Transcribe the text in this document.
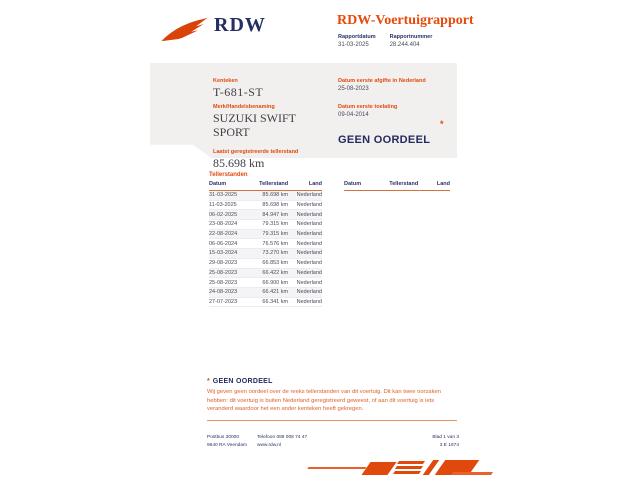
RDW	RDW-Voertuigrapport
Rapportdatum
31-03-2025
Rapportnummer
28.244.404
Kenteken
T-681-ST
Merk/Handelsbenaming
SUZUKI SWIFT SPORT
Laatst geregistreerde tellerstand
85.698 km
Datum eerste afgifte in Nederland
25-08-2023
Datum eerste toelating
09-04-2014
GEEN OORDEEL
*
Tellerstanden
Datum	Tellerstand	Land
31-03-2025	85.698 km	Nederland
11-03-2025	85.698 km	Nederland
06-02-2025	84.947 km	Nederland
23-08-2024	79.315 km	Nederland
22-08-2024	79.315 km	Nederland
06-06-2024	76.576 km	Nederland
15-03-2024	73.270 km	Nederland
29-08-2023	66.853 km	Nederland
25-08-2023	66.422 km	Nederland
25-08-2023	66.900 km	Nederland
24-08-2023	66.421 km	Nederland
27-07-2023	66.341 km	Nederland
Datum	Tellerstand	Land
* GEEN OORDEEL
Wij geven geen oordeel over de reeks tellerstanden van dit voertuig. Dit kan twee oorzaken hebben: dit voertuig is buiten Nederland geregistreerd geweest, of aan dit voertuig is iets veranderd waardoor het een ander kenteken heeft gekregen.
Postbus 30000
9640 RA Veendam
Telefoon 088 008 74 47
www.rdw.nl
Blad 1 van 3
3 E 1674
